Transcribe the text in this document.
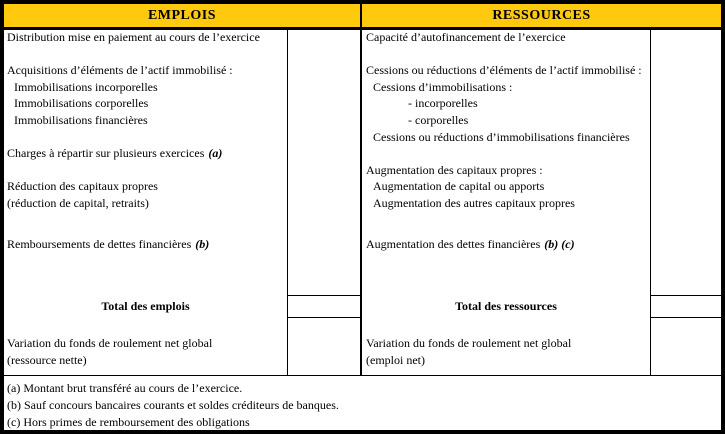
EMPLOIS	RESSOURCES
Distribution mise en paiement au cours de l’exercice
Acquisitions d’éléments de l’actif immobilisé :
Immobilisations incorporelles
Immobilisations corporelles
Immobilisations financières
Charges à répartir sur plusieurs exercices (a)
Réduction des capitaux propres
(réduction de capital, retraits)
Remboursements de dettes financières (b)
Capacité d’autofinancement de l’exercice
Cessions ou réductions d’éléments de l’actif immobilisé :
Cessions d’immobilisations :
- incorporelles
- corporelles
Cessions ou réductions d’immobilisations financières
Augmentation des capitaux propres :
Augmentation de capital ou apports
Augmentation des autres capitaux propres
Augmentation des dettes financières (b) (c)
Total des emplois	Total des ressources
Variation du fonds de roulement net global
(ressource nette)
Variation du fonds de roulement net global
(emploi net)
(a) Montant brut transféré au cours de l’exercice.
(b) Sauf concours bancaires courants et soldes créditeurs de banques.
(c) Hors primes de remboursement des obligations
